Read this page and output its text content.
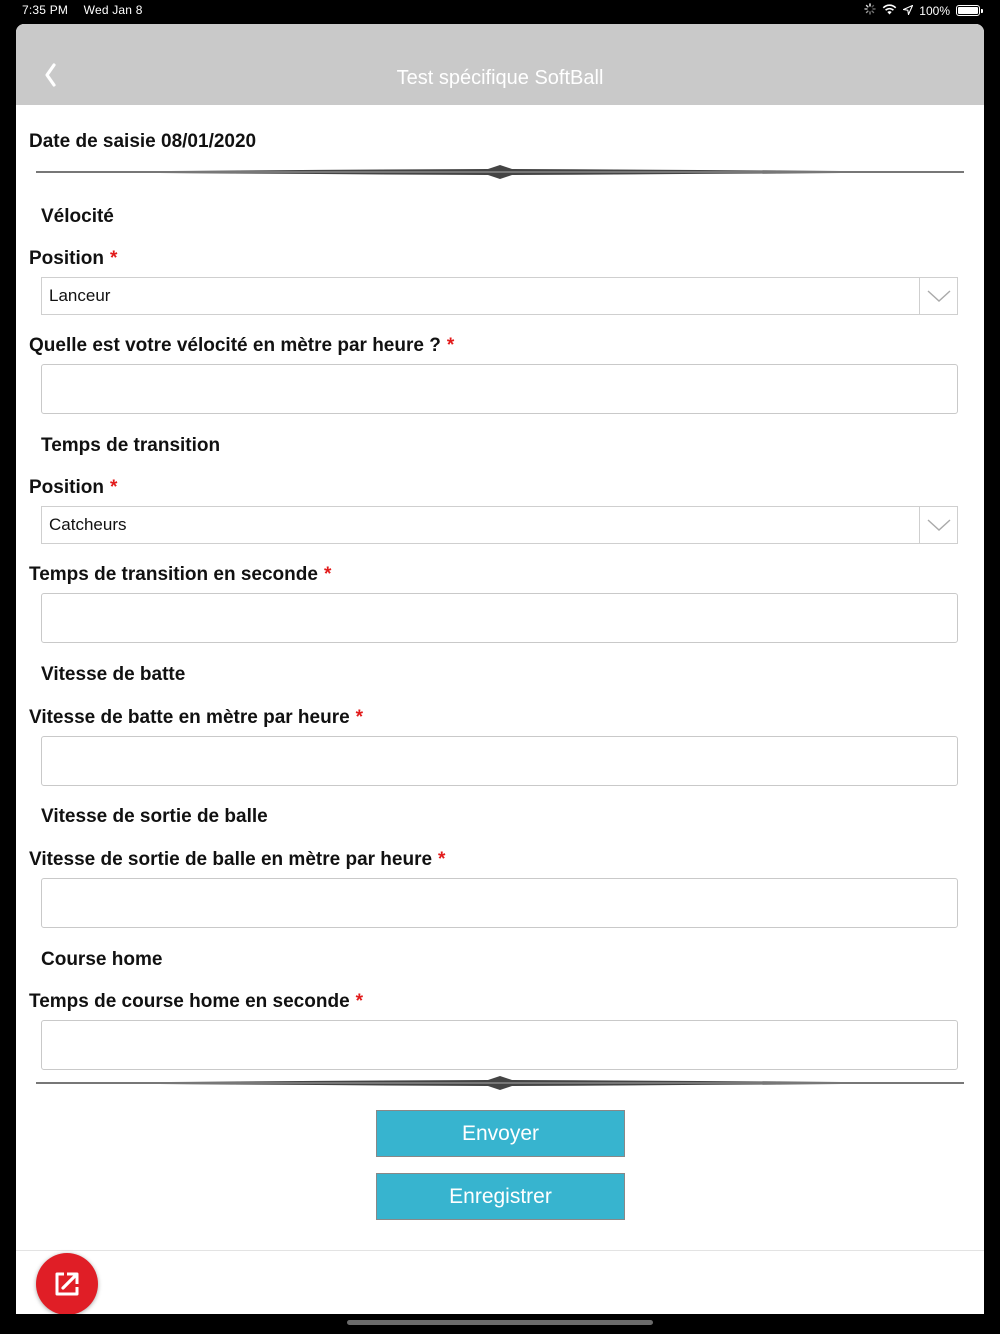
7:35 PM Wed Jan 8	100%
Test spécifique SoftBall
Date de saisie 08/01/2020
Vélocité
Position *
Lanceur
Quelle est votre vélocité en mètre par heure ? *
Temps de transition
Position *
Catcheurs
Temps de transition en seconde *
Vitesse de batte
Vitesse de batte en mètre par heure *
Vitesse de sortie de balle
Vitesse de sortie de balle en mètre par heure *
Course home
Temps de course home en seconde *
Envoyer
Enregistrer
